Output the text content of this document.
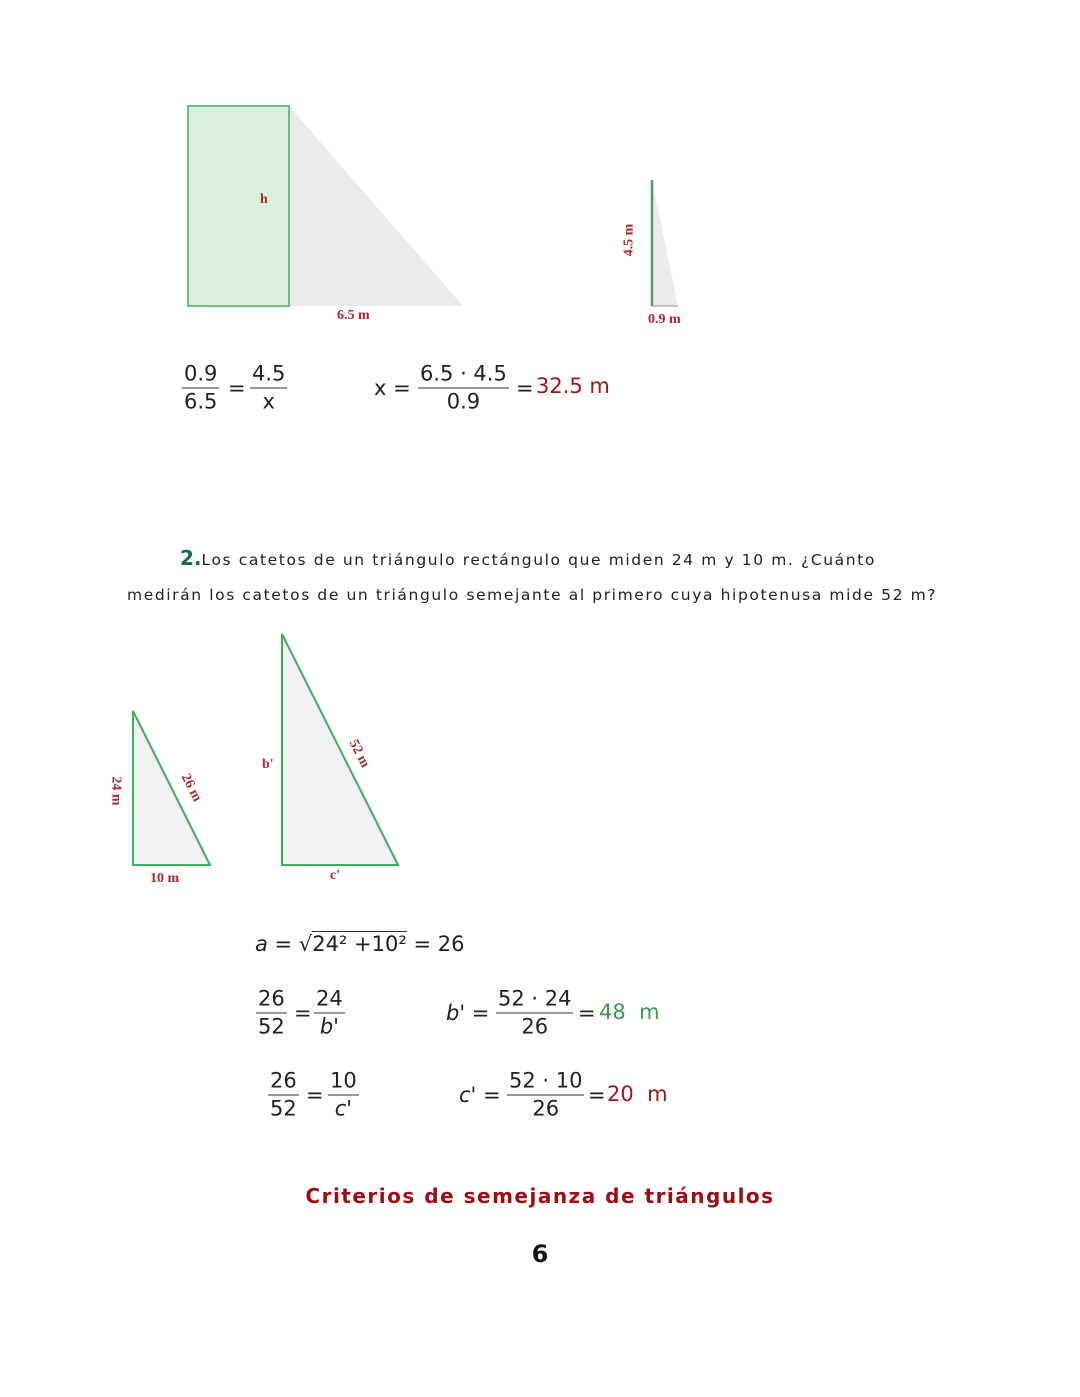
h
6.5 m
4.5 m
0.9 m
$\frac{0.9}{6.5} = \frac{4.5}{x}$	$x = \frac{6.5 \cdot 4.5}{0.9} = 32.5$ m
2.Los catetos de un triángulo rectángulo que miden 24 m y 10 m. ¿Cuánto
medirán los catetos de un triángulo semejante al primero cuya hipotenusa mide 52 m?
24 m	26 m
10 m
b'	52 m
c'
a = √24² +10² = 26
$\frac{26}{52} = \frac{24}{b'}$	$b' = \frac{52 \cdot 24}{26} = 48$  m
$\frac{26}{52} = \frac{10}{c'}$	$c' = \frac{52 \cdot 10}{26} = 20$  m
Criterios de semejanza de triángulos
6
